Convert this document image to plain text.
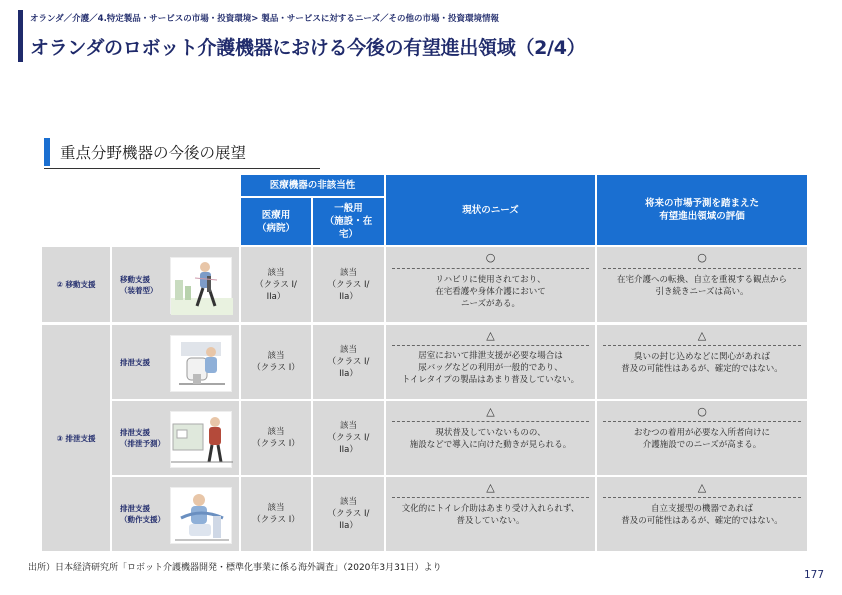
オランダ／介護／4.特定製品・サービスの市場・投資環境> 製品・サービスに対するニーズ／その他の市場・投資環境情報
オランダのロボット介護機器における今後の有望進出領域（2/4）
重点分野機器の今後の展望
医療機器の非該当性
医療用
（病院）
一般用
（施設・在
宅）
現状のニーズ
将来の市場予測を踏まえた
有望進出領域の評価
② 移動支援
移動支援
（装着型）
該当
（クラス I/
IIa）
該当
（クラス I/
IIa）
○
リハビリに使用されており、
在宅看護や身体介護において
ニーズがある。
○
在宅介護への転換、自立を重視する観点から
引き続きニーズは高い。
③ 排泄支援
排泄支援
該当
（クラス I）
該当
（クラス I/
IIa）
△
居室において排泄支援が必要な場合は
尿バッグなどの利用が一般的であり、
トイレタイプの製品はあまり普及していない。
△
臭いの封じ込めなどに関心があれば
普及の可能性はあるが、確定的ではない。
排泄支援
（排泄予測）
該当
（クラス I）
該当
（クラス I/
IIa）
△
現状普及していないものの、
施設などで導入に向けた動きが見られる。
○
おむつの着用が必要な入所者向けに
介護施設でのニーズが高まる。
排泄支援
（動作支援）
該当
（クラス I）
該当
（クラス I/
IIa）
△
文化的にトイレ介助はあまり受け入れられず、
普及していない。
△
自立支援型の機器であれば
普及の可能性はあるが、確定的ではない。
出所）日本経済研究所「ロボット介護機器開発・標準化事業に係る海外調査」（2020年3月31日）より
177
